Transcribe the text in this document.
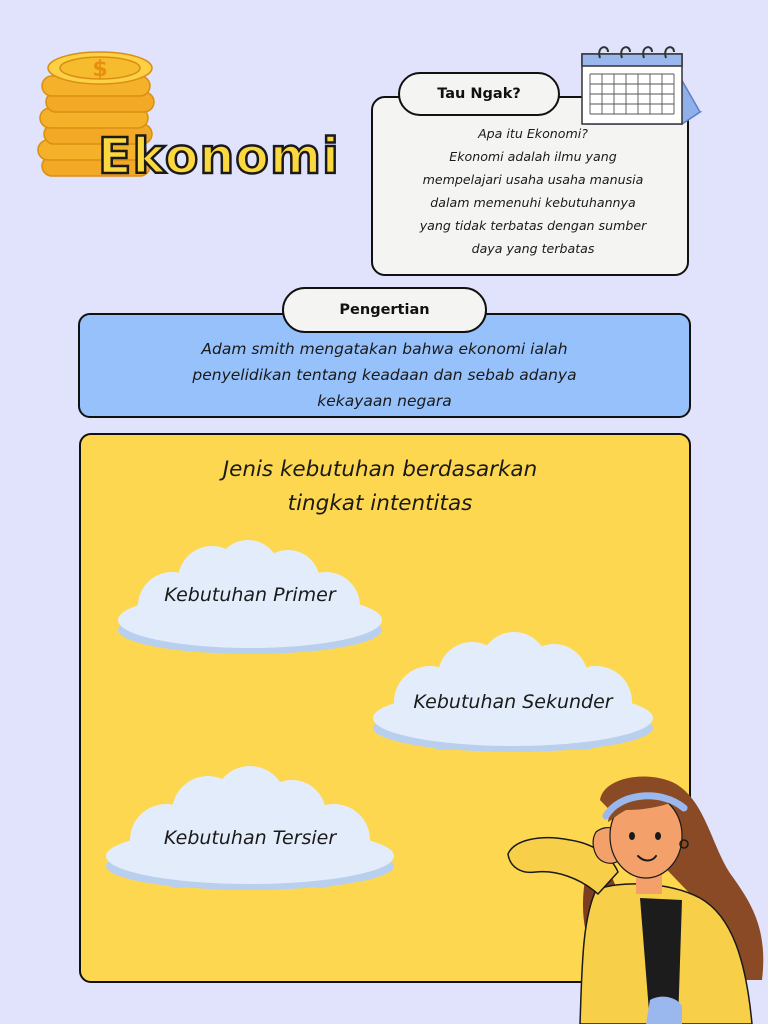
$
Ekonomi	Apa itu Ekonomi?
Ekonomi adalah ilmu yang
mempelajari usaha usaha manusia
dalam memenuhi kebutuhannya
yang tidak terbatas dengan sumber
daya yang terbatas
Tau Ngak?
Adam smith mengatakan bahwa ekonomi ialah
penyelidikan tentang keadaan dan sebab adanya
kekayaan negara
Pengertian
Jenis kebutuhan berdasarkan
tingkat intentitas
Kebutuhan Primer
Kebutuhan Sekunder
Kebutuhan Tersier
